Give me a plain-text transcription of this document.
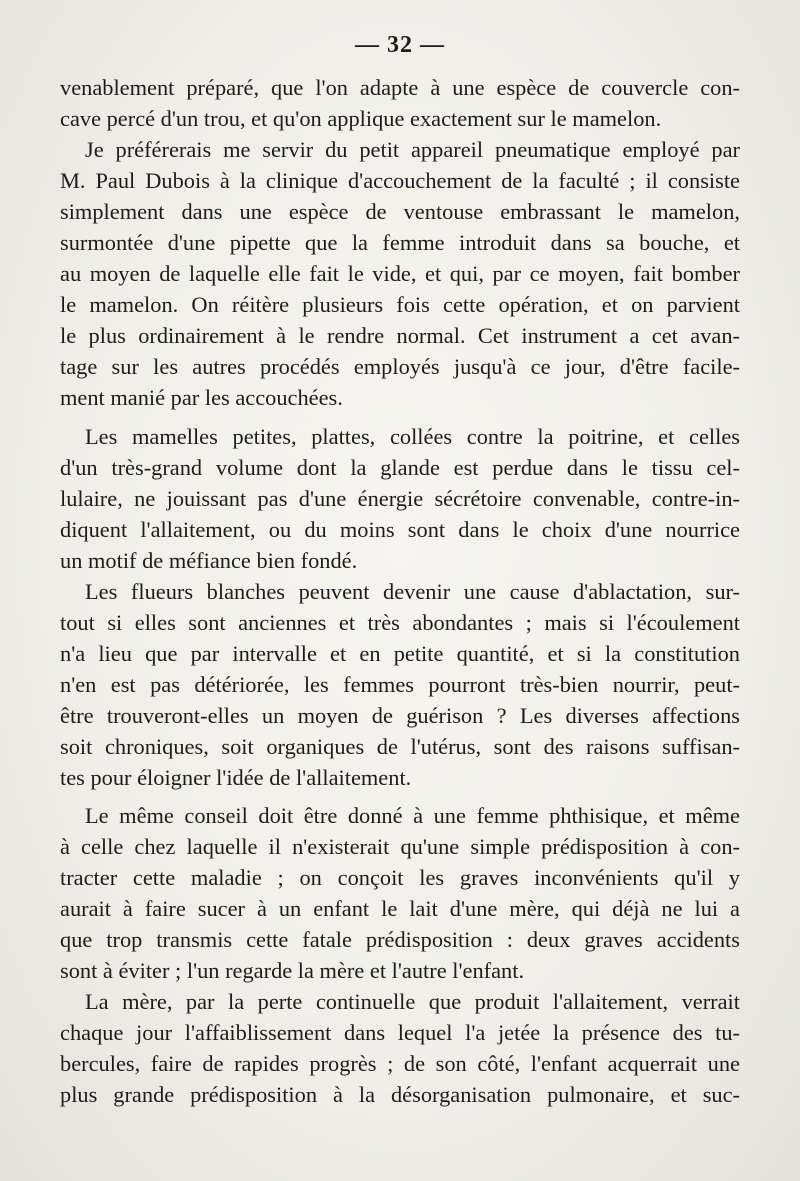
— 32 —
venablement préparé, que l'on adapte à une espèce de couvercle con-
cave percé d'un trou, et qu'on applique exactement sur le mamelon.
Je préférerais me servir du petit appareil pneumatique employé par
M. Paul Dubois à la clinique d'accouchement de la faculté ; il consiste
simplement dans une espèce de ventouse embrassant le mamelon,
surmontée d'une pipette que la femme introduit dans sa bouche, et
au moyen de laquelle elle fait le vide, et qui, par ce moyen, fait bomber
le mamelon. On réitère plusieurs fois cette opération, et on parvient
le plus ordinairement à le rendre normal. Cet instrument a cet avan-
tage sur les autres procédés employés jusqu'à ce jour, d'être facile-
ment manié par les accouchées.
Les mamelles petites, plattes, collées contre la poitrine, et celles
d'un très-grand volume dont la glande est perdue dans le tissu cel-
lulaire, ne jouissant pas d'une énergie sécrétoire convenable, contre-in-
diquent l'allaitement, ou du moins sont dans le choix d'une nourrice
un motif de méfiance bien fondé.
Les flueurs blanches peuvent devenir une cause d'ablactation, sur-
tout si elles sont anciennes et très abondantes ; mais si l'écoulement
n'a lieu que par intervalle et en petite quantité, et si la constitution
n'en est pas détériorée, les femmes pourront très-bien nourrir, peut-
être trouveront-elles un moyen de guérison ? Les diverses affections
soit chroniques, soit organiques de l'utérus, sont des raisons suffisan-
tes pour éloigner l'idée de l'allaitement.
Le même conseil doit être donné à une femme phthisique, et même
à celle chez laquelle il n'existerait qu'une simple prédisposition à con-
tracter cette maladie ; on conçoit les graves inconvénients qu'il y
aurait à faire sucer à un enfant le lait d'une mère, qui déjà ne lui a
que trop transmis cette fatale prédisposition : deux graves accidents
sont à éviter ; l'un regarde la mère et l'autre l'enfant.
La mère, par la perte continuelle que produit l'allaitement, verrait
chaque jour l'affaiblissement dans lequel l'a jetée la présence des tu-
bercules, faire de rapides progrès ; de son côté, l'enfant acquerrait une
plus grande prédisposition à la désorganisation pulmonaire, et suc-
